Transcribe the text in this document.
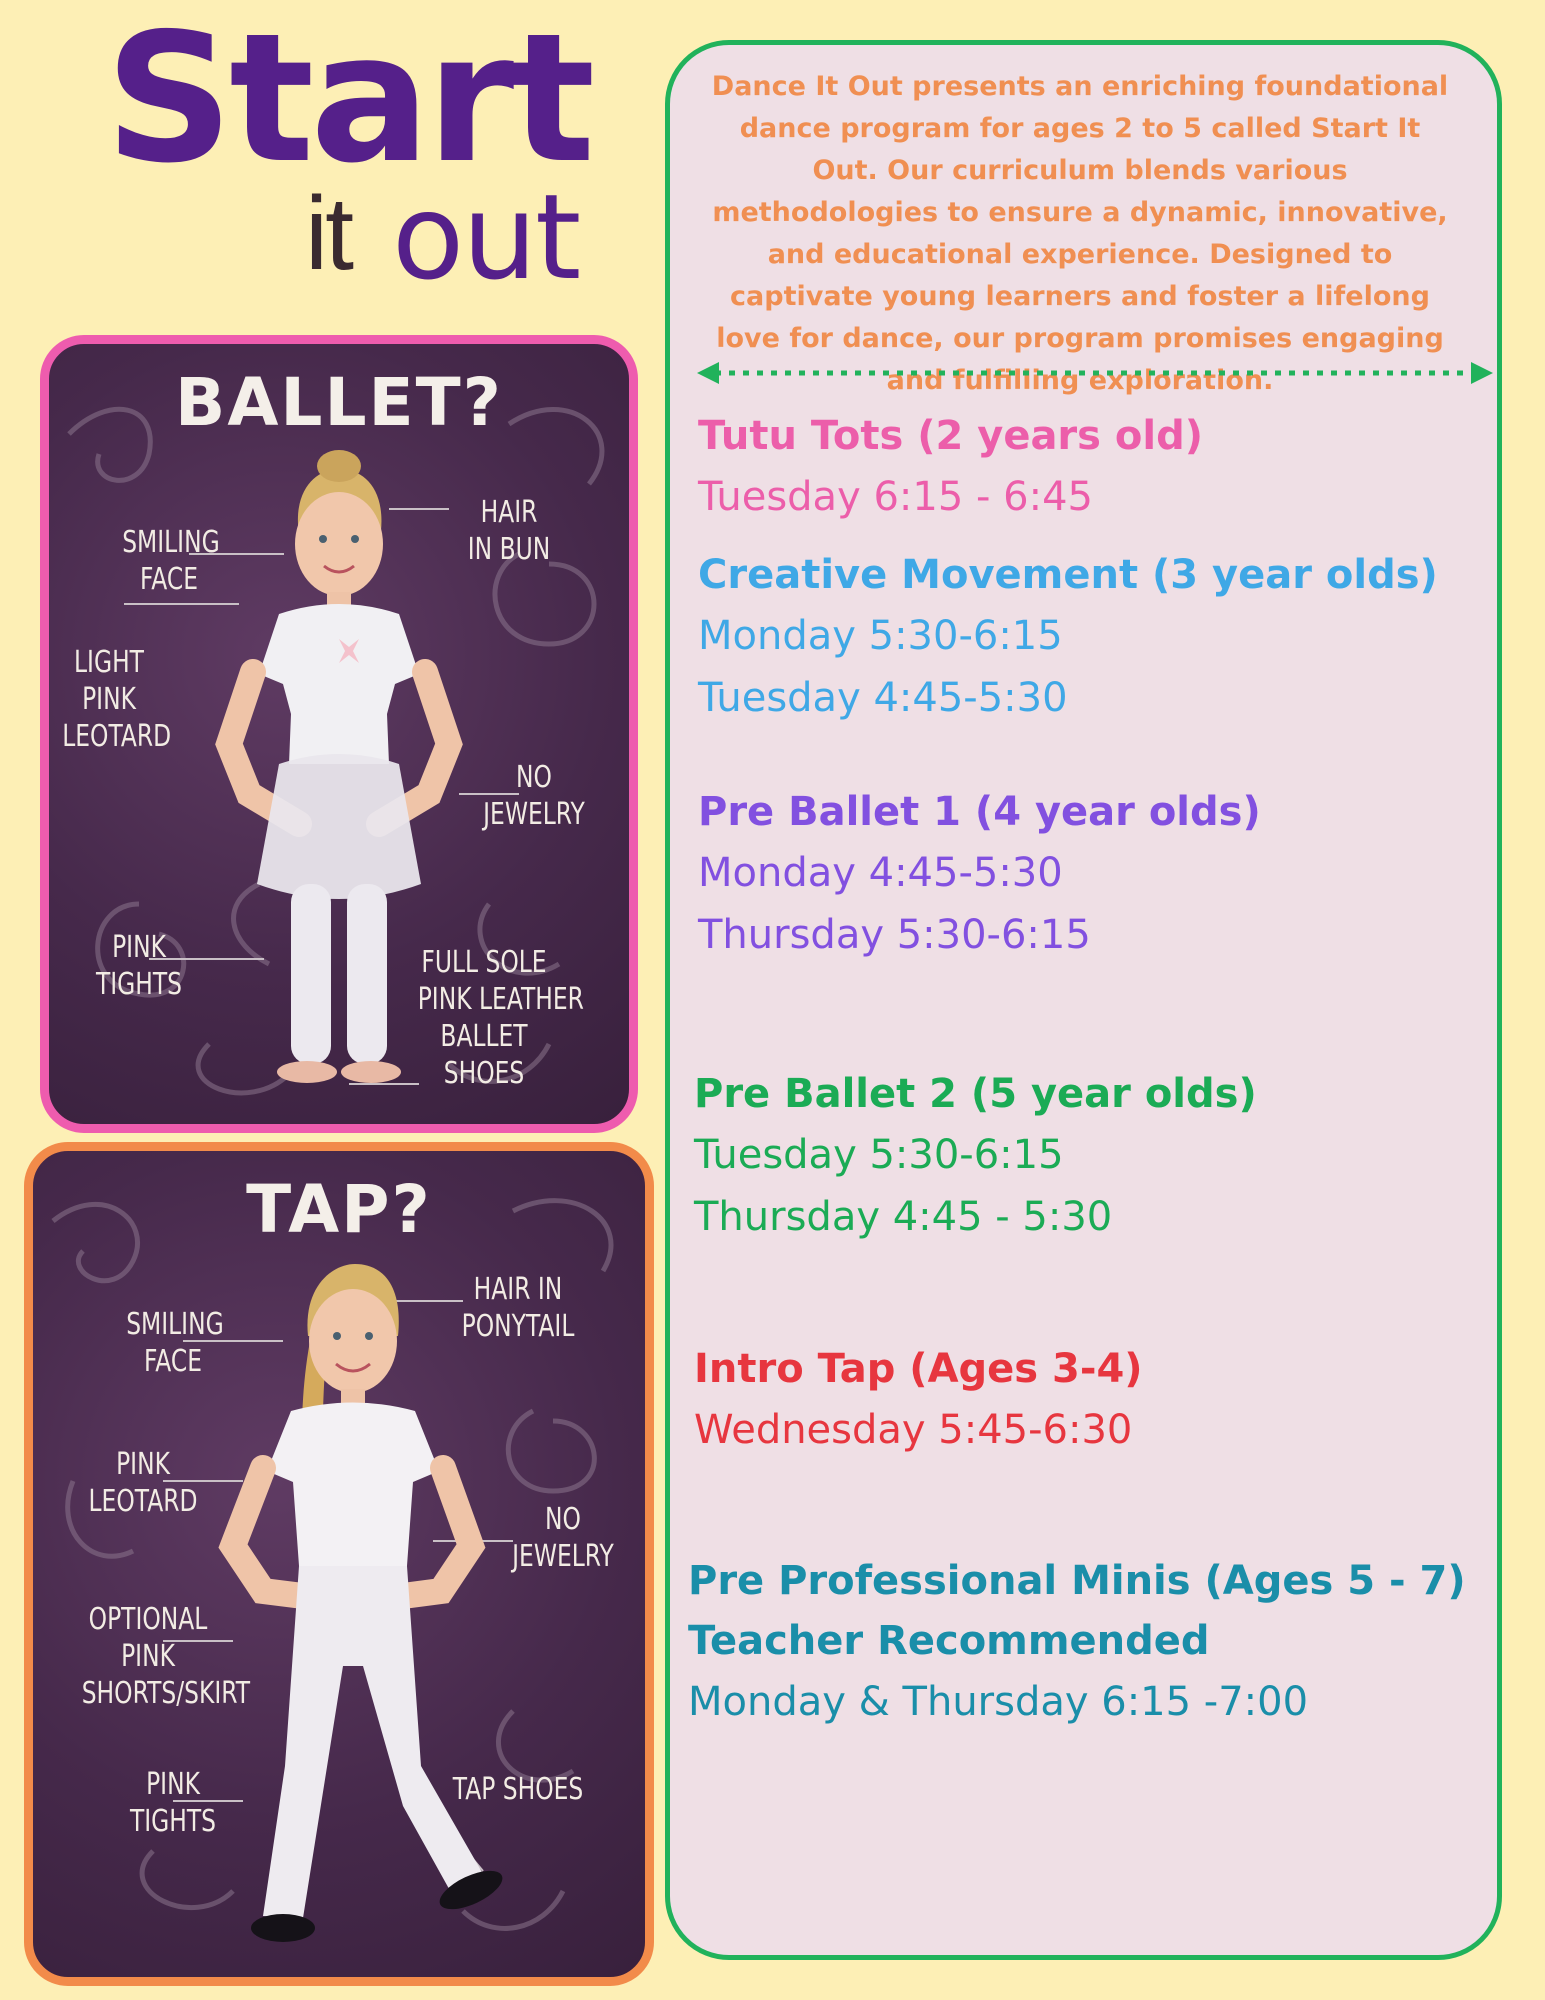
Start
it out
BALLET?
SMILING
FACE
HAIR
IN BUN
LIGHT
PINK
LEOTARD
NO
JEWELRY
PINK
TIGHTS
FULL SOLE
PINK LEATHER
BALLET
SHOES
TAP?
SMILING
FACE
HAIR IN
PONYTAIL
PINK
LEOTARD
NO
JEWELRY
OPTIONAL
PINK
SHORTS/SKIRT
PINK
TIGHTS
TAP SHOES
Dance It Out presents an enriching foundational dance program for ages 2 to 5 called Start It Out. Our curriculum blends various methodologies to ensure a dynamic, innovative, and educational experience. Designed to captivate young learners and foster a lifelong love for dance, our program promises engaging and fulfilling exploration.
Tutu Tots (2 years old)
Tuesday 6:15 - 6:45
Creative Movement (3 year olds)
Monday 5:30-6:15
Tuesday 4:45-5:30
Pre Ballet 1 (4 year olds)
Monday 4:45-5:30
Thursday 5:30-6:15
Pre Ballet 2 (5 year olds)
Tuesday 5:30-6:15
Thursday 4:45 - 5:30
Intro Tap (Ages 3-4)
Wednesday 5:45-6:30
Pre Professional Minis (Ages 5 - 7)
Teacher Recommended
Monday & Thursday 6:15 -7:00
